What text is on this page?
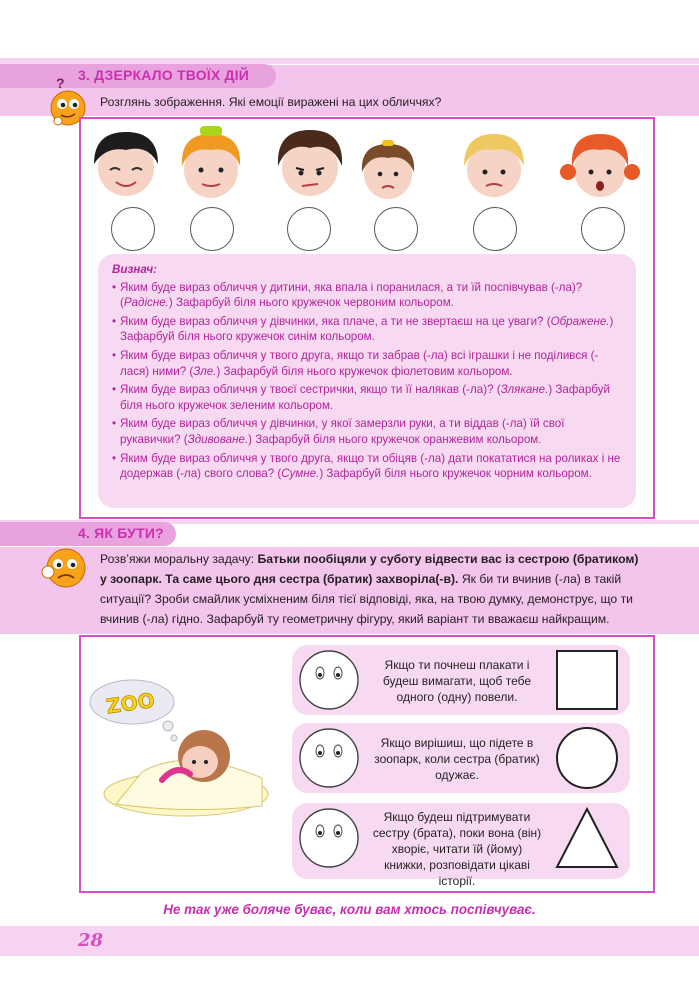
3. ДЗЕРКАЛО ТВОЇХ ДІЙ
Розглянь зображення. Які емоції виражені на цих обличчях?
?
Визнач:
• Яким буде вираз обличчя у дитини, яка впала і поранилася, а ти їй поспівчував (-ла)? (Радісне.) Зафарбуй біля нього кружечок червоним кольором.
• Яким буде вираз обличчя у дівчинки, яка плаче, а ти не звертаєш на це уваги? (Ображене.) Зафарбуй біля нього кружечок синім кольором.
• Яким буде вираз обличчя у твого друга, якщо ти забрав (-ла) всі іграшки і не поділився (-лася) ними? (Зле.) Зафарбуй біля нього кружечок фіолетовим кольором.
• Яким буде вираз обличчя у твоєї сестрички, якщо ти її налякав (-ла)? (Злякане.) Зафарбуй біля нього кружечок зеленим кольором.
• Яким буде вираз обличчя у дівчинки, у якої замерзли руки, а ти віддав (-ла) їй свої рукавички? (Здивоване.) Зафарбуй біля нього кружечок оранжевим кольором.
• Яким буде вираз обличчя у твого друга, якщо ти обіцяв (-ла) дати покататися на роликах і не додержав (-ла) свого слова? (Сумне.) Зафарбуй біля нього кружечок чорним кольором.
4. ЯК БУТИ?
Розв’яжи моральну задачу: Батьки пообіцяли у суботу відвести вас із сестрою (братиком) у зоопарк. Та саме цього дня сестра (братик) захворіла(-в). Як би ти вчинив (-ла) в такій ситуації? Зроби смайлик усміхненим біля тієї відповіді, яка, на твою думку, демонструє, що ти вчинив (-ла) гідно. Зафарбуй ту геометричну фігуру, який варіант ти вважаєш найкращим.
ZOO
Якщо ти почнеш плакати і будеш вимагати, щоб тебе одного (одну) повели.
Якщо вирішиш, що підете в зоопарк, коли сестра (братик) одужає.
Якщо будеш підтримувати сестру (брата), поки вона (він) хворіє, читати їй (йому) книжки, розповідати цікаві історії.
Не так уже боляче буває, коли вам хтось поспівчуває.
28
